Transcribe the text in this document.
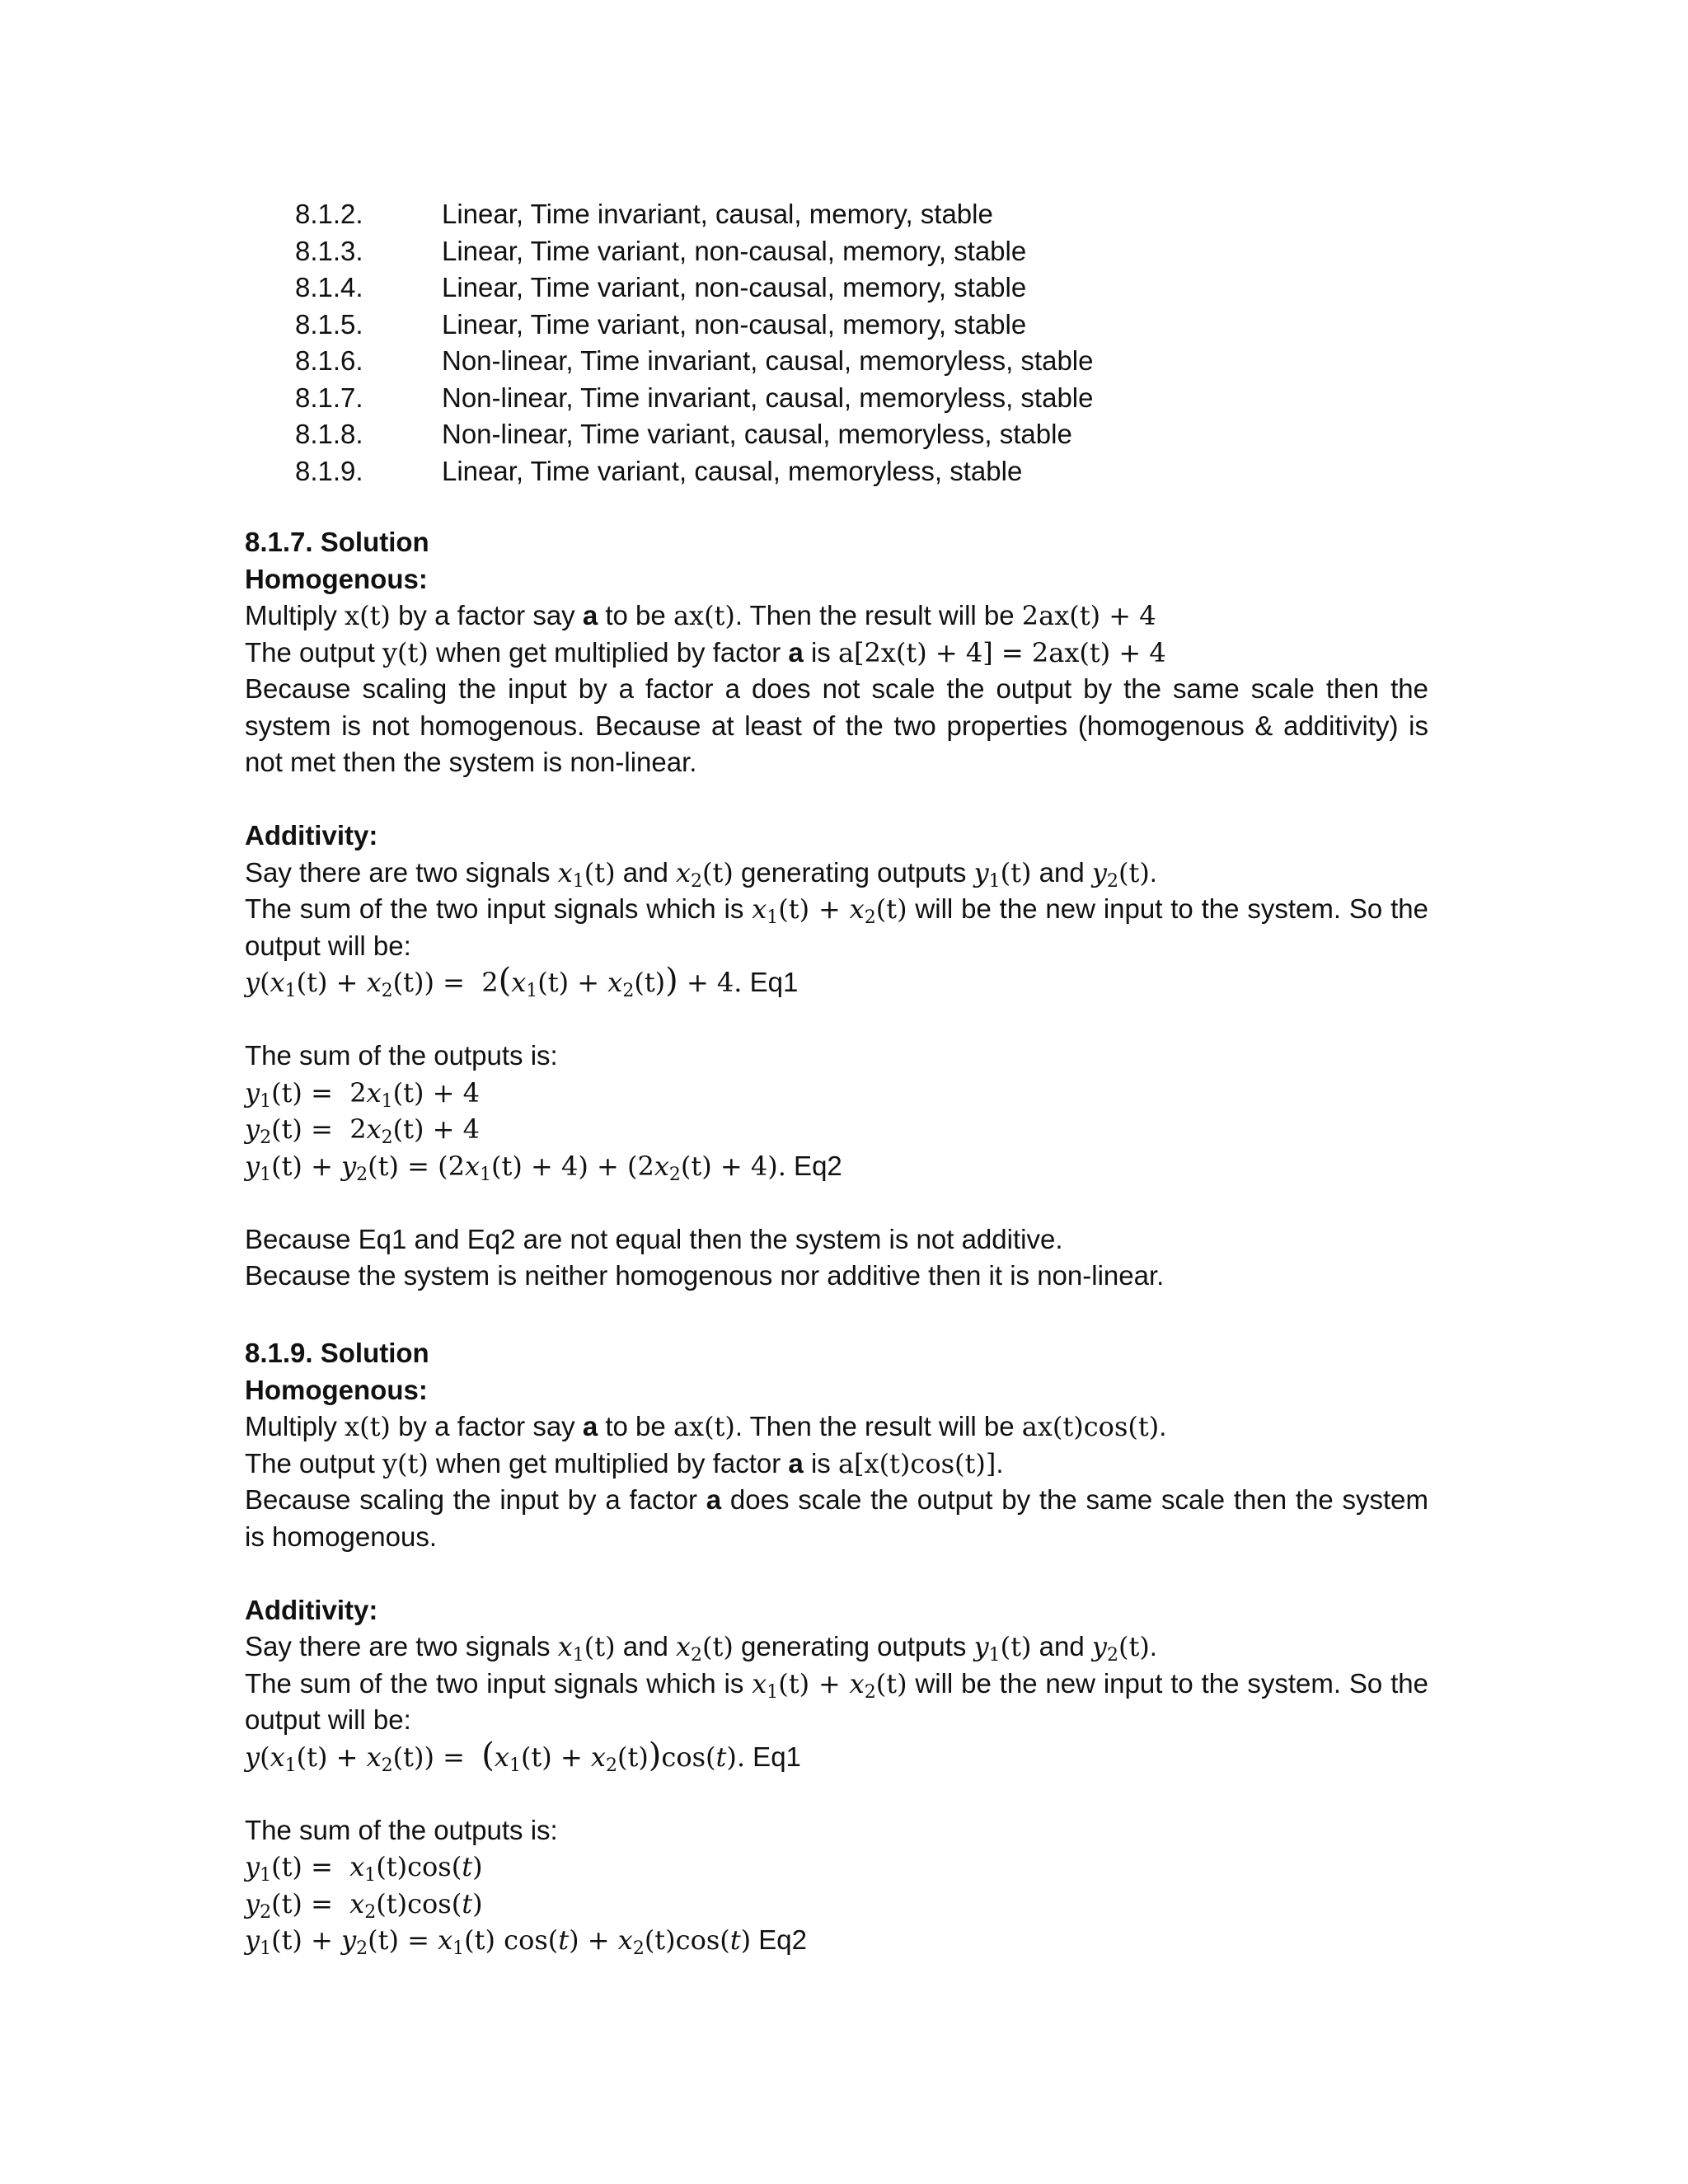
8.1.2.	Linear, Time invariant, causal, memory, stable
8.1.3.	Linear, Time variant, non-causal, memory, stable
8.1.4.	Linear, Time variant, non-causal, memory, stable
8.1.5.	Linear, Time variant, non-causal, memory, stable
8.1.6.	Non-linear, Time invariant, causal, memoryless, stable
8.1.7.	Non-linear, Time invariant, causal, memoryless, stable
8.1.8.	Non-linear, Time variant, causal, memoryless, stable
8.1.9.	Linear, Time variant, causal, memoryless, stable
8.1.7. Solution
Homogenous:
Multiply x(t) by a factor say a to be ax(t). Then the result will be 2ax(t) + 4
The output y(t) when get multiplied by factor a is a[2x(t) + 4] = 2ax(t) + 4
Because scaling the input by a factor a does not scale the output by the same scale then the system is not homogenous. Because at least of the two properties (homogenous & additivity) is not met then the system is non-linear.
Additivity:
Say there are two signals $x_1(t)$ and $x_2(t)$ generating outputs $y_1(t)$ and $y_2(t)$.
The sum of the two input signals which is $x_1(t) + x_2(t)$ will be the new input to the system. So the output will be:
$y(x_1(t) + x_2(t)) = 2(x_1(t) + x_2(t)) + 4$. Eq1
The sum of the outputs is:
$y_1(t) = 2x_1(t) + 4$
$y_2(t) = 2x_2(t) + 4$
$y_1(t) + y_2(t) = (2x_1(t) + 4) + (2x_2(t) + 4)$. Eq2
Because Eq1 and Eq2 are not equal then the system is not additive.
Because the system is neither homogenous nor additive then it is non-linear.
8.1.9. Solution
Homogenous:
Multiply x(t) by a factor say a to be ax(t). Then the result will be ax(t)cos(t).
The output y(t) when get multiplied by factor a is a[x(t)cos(t)].
Because scaling the input by a factor a does scale the output by the same scale then the system is homogenous.
Additivity:
Say there are two signals $x_1(t)$ and $x_2(t)$ generating outputs $y_1(t)$ and $y_2(t)$.
The sum of the two input signals which is $x_1(t) + x_2(t)$ will be the new input to the system. So the output will be:
$y(x_1(t) + x_2(t)) = (x_1(t) + x_2(t))\cos(t)$. Eq1
The sum of the outputs is:
$y_1(t) = x_1(t)\cos(t)$
$y_2(t) = x_2(t)\cos(t)$
$y_1(t) + y_2(t) = x_1(t) \cos(t) + x_2(t)\cos(t)$ Eq2
